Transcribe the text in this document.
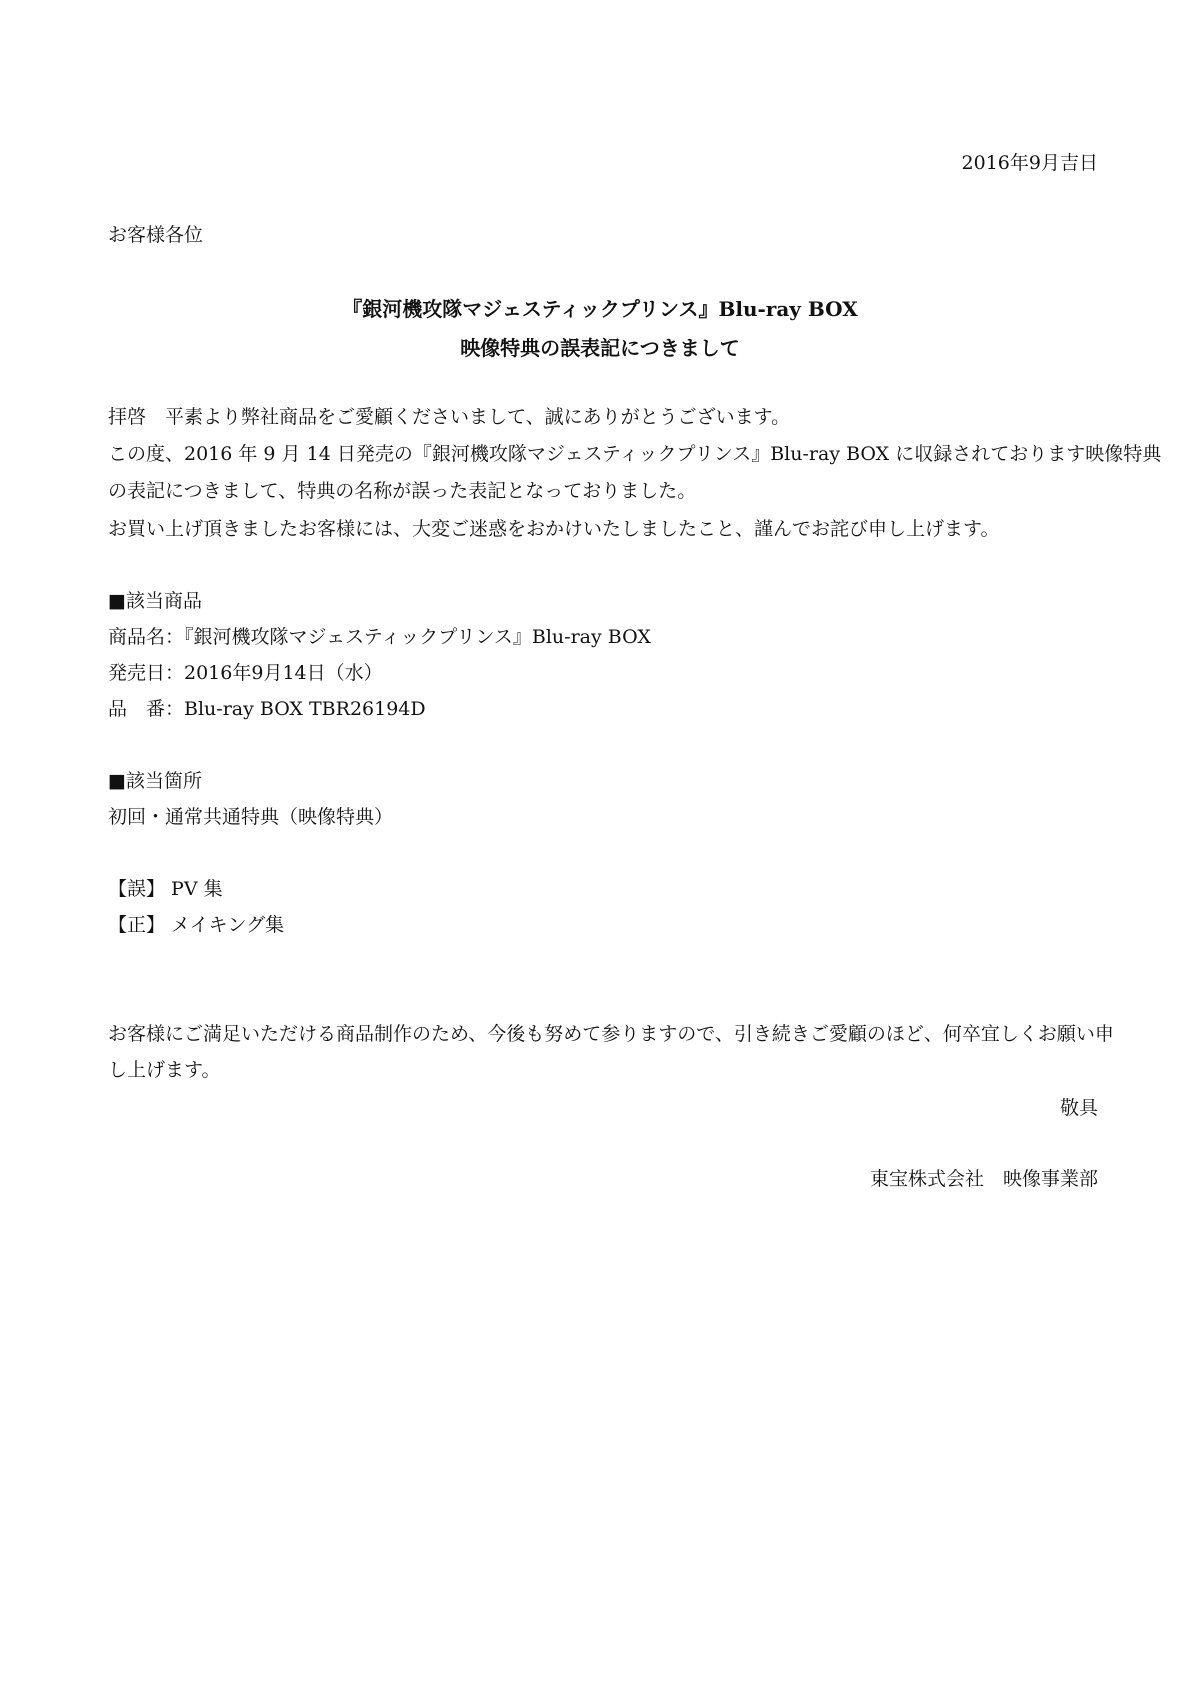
2016年9月吉日
お客様各位
『銀河機攻隊マジェスティックプリンス』Blu-ray BOX
映像特典の誤表記につきまして
拝啓　平素より弊社商品をご愛顧くださいまして、誠にありがとうございます。
この度、2016 年 9 月 14 日発売の『銀河機攻隊マジェスティックプリンス』Blu-ray BOX に収録されております映像特典
の表記につきまして、特典の名称が誤った表記となっておりました。
お買い上げ頂きましたお客様には、大変ご迷惑をおかけいたしましたこと、謹んでお詫び申し上げます。
■該当商品
商品名：『銀河機攻隊マジェスティックプリンス』Blu-ray BOX
発売日：2016年9月14日（水）
品　番：Blu-ray BOX TBR26194D
■該当箇所
初回・通常共通特典（映像特典）
【誤】 PV 集
【正】 メイキング集
お客様にご満足いただける商品制作のため、今後も努めて参りますので、引き続きご愛顧のほど、何卒宜しくお願い申
し上げます。
敬具
東宝株式会社　映像事業部
